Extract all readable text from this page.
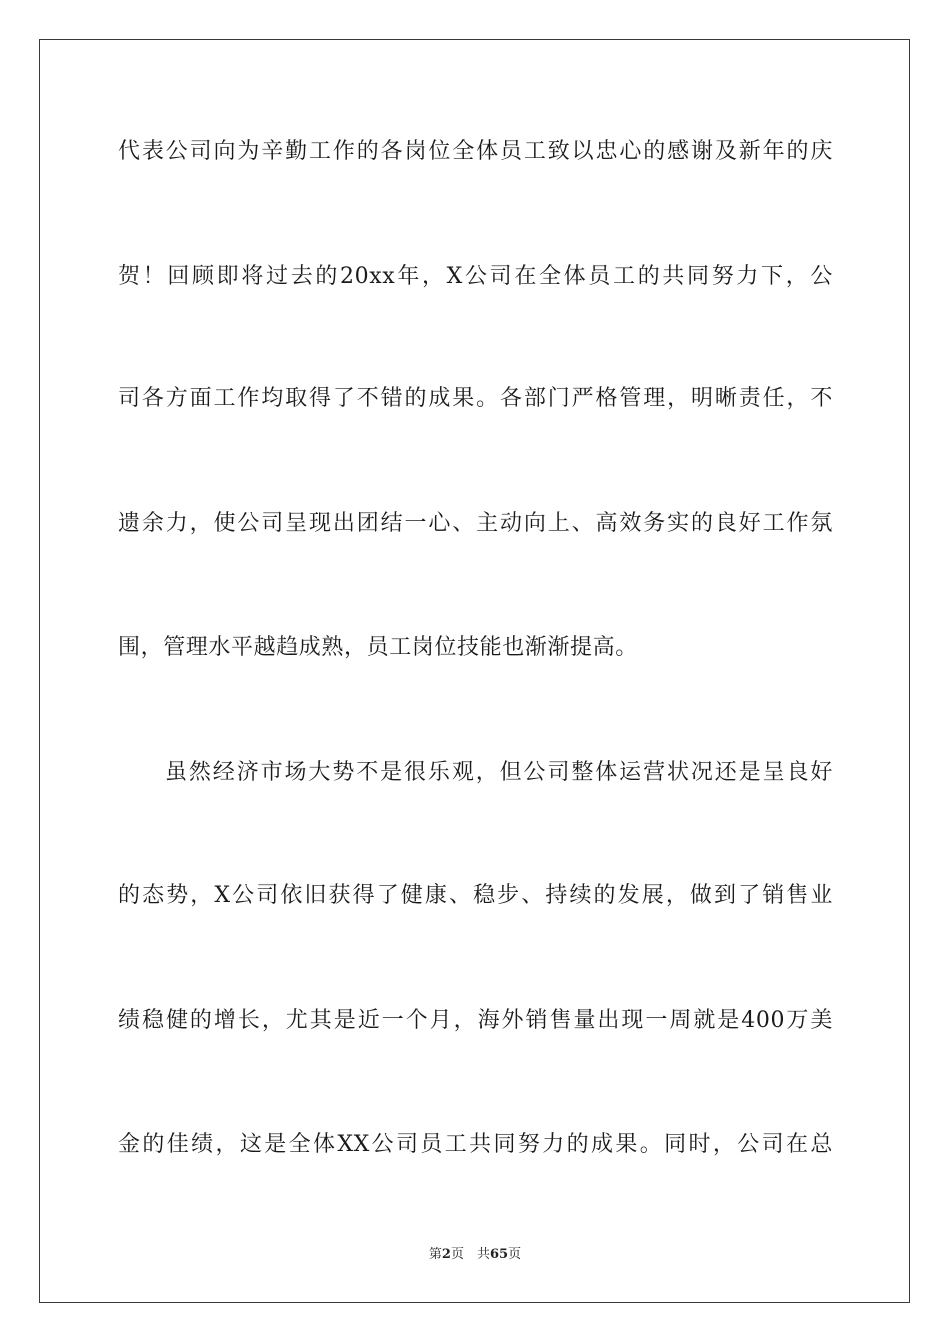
代表公司向为辛勤工作的各岗位全体员工致以忠心的感谢及新年的庆
贺！回顾即将过去的20xx年，X公司在全体员工的共同努力下，公
司各方面工作均取得了不错的成果。各部门严格管理，明晰责任，不
遗余力，使公司呈现出团结一心、主动向上、高效务实的良好工作氛
围，管理水平越趋成熟，员工岗位技能也渐渐提高。
虽然经济市场大势不是很乐观，但公司整体运营状况还是呈良好
的态势，X公司依旧获得了健康、稳步、持续的发展，做到了销售业
绩稳健的增长，尤其是近一个月，海外销售量出现一周就是400万美
金的佳绩，这是全体XX公司员工共同努力的成果。同时，公司在总
第2页　共65页
